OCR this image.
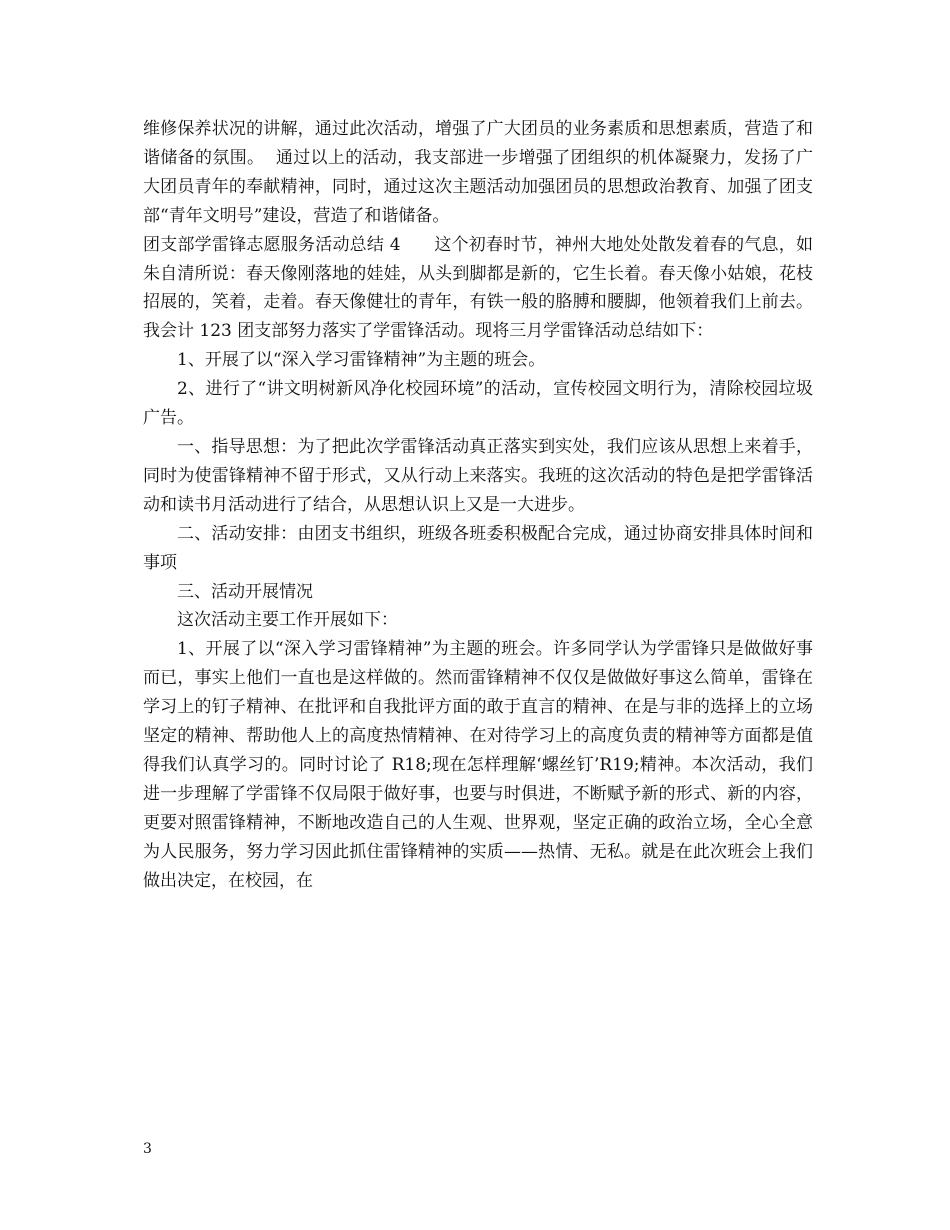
维修保养状况的讲解，通过此次活动，增强了广大团员的业务素质和思想素质，营造了和谐储备的氛围。  通过以上的活动，我支部进一步增强了团组织的机体凝聚力，发扬了广大团员青年的奉献精神，同时，通过这次主题活动加强团员的思想政治教育、加强了团支部“青年文明号”建设，营造了和谐储备。

团支部学雷锋志愿服务活动总结 4      这个初春时节，神州大地处处散发着春的气息，如朱自清所说：春天像刚落地的娃娃，从头到脚都是新的，它生长着。春天像小姑娘，花枝招展的，笑着，走着。春天像健壮的青年，有铁一般的胳膊和腰脚，他领着我们上前去。我会计 123 团支部努力落实了学雷锋活动。现将三月学雷锋活动总结如下：

1、开展了以“深入学习雷锋精神”为主题的班会。

2、进行了“讲文明树新风净化校园环境”的活动，宣传校园文明行为，清除校园垃圾广告。

一、指导思想：为了把此次学雷锋活动真正落实到实处，我们应该从思想上来着手，同时为使雷锋精神不留于形式，又从行动上来落实。我班的这次活动的特色是把学雷锋活动和读书月活动进行了结合，从思想认识上又是一大进步。

二、活动安排：由团支书组织，班级各班委积极配合完成，通过协商安排具体时间和事项

三、活动开展情况

这次活动主要工作开展如下：

1、开展了以“深入学习雷锋精神”为主题的班会。许多同学认为学雷锋只是做做好事而已，事实上他们一直也是这样做的。然而雷锋精神不仅仅是做做好事这么简单，雷锋在学习上的钉子精神、在批评和自我批评方面的敢于直言的精神、在是与非的选择上的立场坚定的精神、帮助他人上的高度热情精神、在对待学习上的高度负责的精神等方面都是值得我们认真学习的。同时讨论了 R18;现在怎样理解‘螺丝钉’R19;精神。本次活动，我们进一步理解了学雷锋不仅局限于做好事，也要与时俱进，不断赋予新的形式、新的内容，更要对照雷锋精神，不断地改造自己的人生观、世界观，坚定正确的政治立场，全心全意为人民服务，努力学习因此抓住雷锋精神的实质——热情、无私。就是在此次班会上我们做出决定，在校园，在

3
